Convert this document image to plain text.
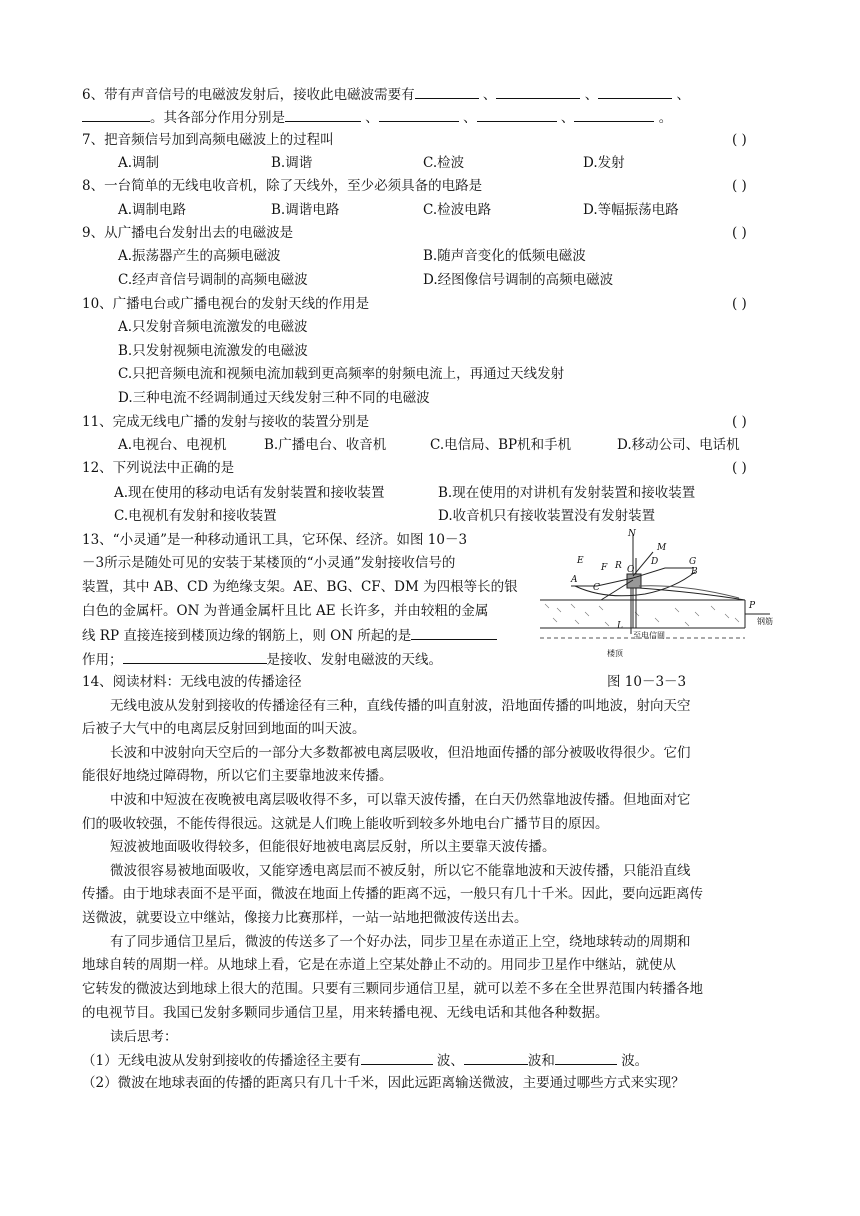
6、带有声音信号的电磁波发射后，接收此电磁波需要有	、	、	、
。其各部分作用分别是	、	、	、	。
7、把音频信号加到高频电磁波上的过程叫	( )
A.调制	B.调谐	C.检波	D.发射
8、一台简单的无线电收音机，除了天线外，至少必须具备的电路是	( )
A.调制电路	B.调谐电路	C.检波电路	D.等幅振荡电路
9、从广播电台发射出去的电磁波是	( )
A.振荡器产生的高频电磁波	B.随声音变化的低频电磁波
C.经声音信号调制的高频电磁波	D.经图像信号调制的高频电磁波
10、广播电台或广播电视台的发射天线的作用是	( )
A.只发射音频电流激发的电磁波
B.只发射视频电流激发的电磁波
C.只把音频电流和视频电流加载到更高频率的射频电流上，再通过天线发射
D.三种电流不经调制通过天线发射三种不同的电磁波
11、完成无线电广播的发射与接收的装置分别是	( )
A.电视台、电视机	B.广播电台、收音机	C.电信局、BP机和手机	D.移动公司、电话机
12、下列说法中正确的是	( )
A.现在使用的移动电话有发射装置和接收装置	B.现在使用的对讲机有发射装置和接收装置
C.电视机有发射和接收装置	D.收音机只有接收装置没有发射装置
13、“小灵通”是一种移动通讯工具，它环保、经济。如图 10－3
－3所示是随处可见的安装于某楼顶的“小灵通”发射接收信号的
装置，其中 AB、CD 为绝缘支架。AE、BG、CF、DM 为四根等长的银
白色的金属杆。ON 为普通金属杆且比 AE 长许多，并由较粗的金属
线 RP 直接连接到楼顶边缘的钢筋上，则 ON 所起的是
作用；	是接收、发射电磁波的天线。
N
M
E	D	G
F R O	B
A
C
P
L	钢筋
至电信网
楼顶
图 10－3－3
14、阅读材料：无线电波的传播途径
无线电波从发射到接收的传播途径有三种，直线传播的叫直射波，沿地面传播的叫地波，射向天空
后被子大气中的电离层反射回到地面的叫天波。
长波和中波射向天空后的一部分大多数都被电离层吸收，但沿地面传播的部分被吸收得很少。它们
能很好地绕过障碍物，所以它们主要靠地波来传播。
中波和中短波在夜晚被电离层吸收得不多，可以靠天波传播，在白天仍然靠地波传播。但地面对它
们的吸收较强，不能传得很远。这就是人们晚上能收听到较多外地电台广播节目的原因。
短波被地面吸收得较多，但能很好地被电离层反射，所以主要靠天波传播。
微波很容易被地面吸收，又能穿透电离层而不被反射，所以它不能靠地波和天波传播，只能沿直线
传播。由于地球表面不是平面，微波在地面上传播的距离不远，一般只有几十千米。因此，要向远距离传
送微波，就要设立中继站，像接力比赛那样，一站一站地把微波传送出去。
有了同步通信卫星后，微波的传送多了一个好办法，同步卫星在赤道正上空，绕地球转动的周期和
地球自转的周期一样。从地球上看，它是在赤道上空某处静止不动的。用同步卫星作中继站，就使从
它转发的微波达到地球上很大的范围。只要有三颗同步通信卫星，就可以差不多在全世界范围内转播各地
的电视节目。我国已发射多颗同步通信卫星，用来转播电视、无线电话和其他各种数据。
读后思考：
（1）无线电波从发射到接收的传播途径主要有	波、	波和	波。
（2）微波在地球表面的传播的距离只有几十千米，因此远距离输送微波，主要通过哪些方式来实现？
